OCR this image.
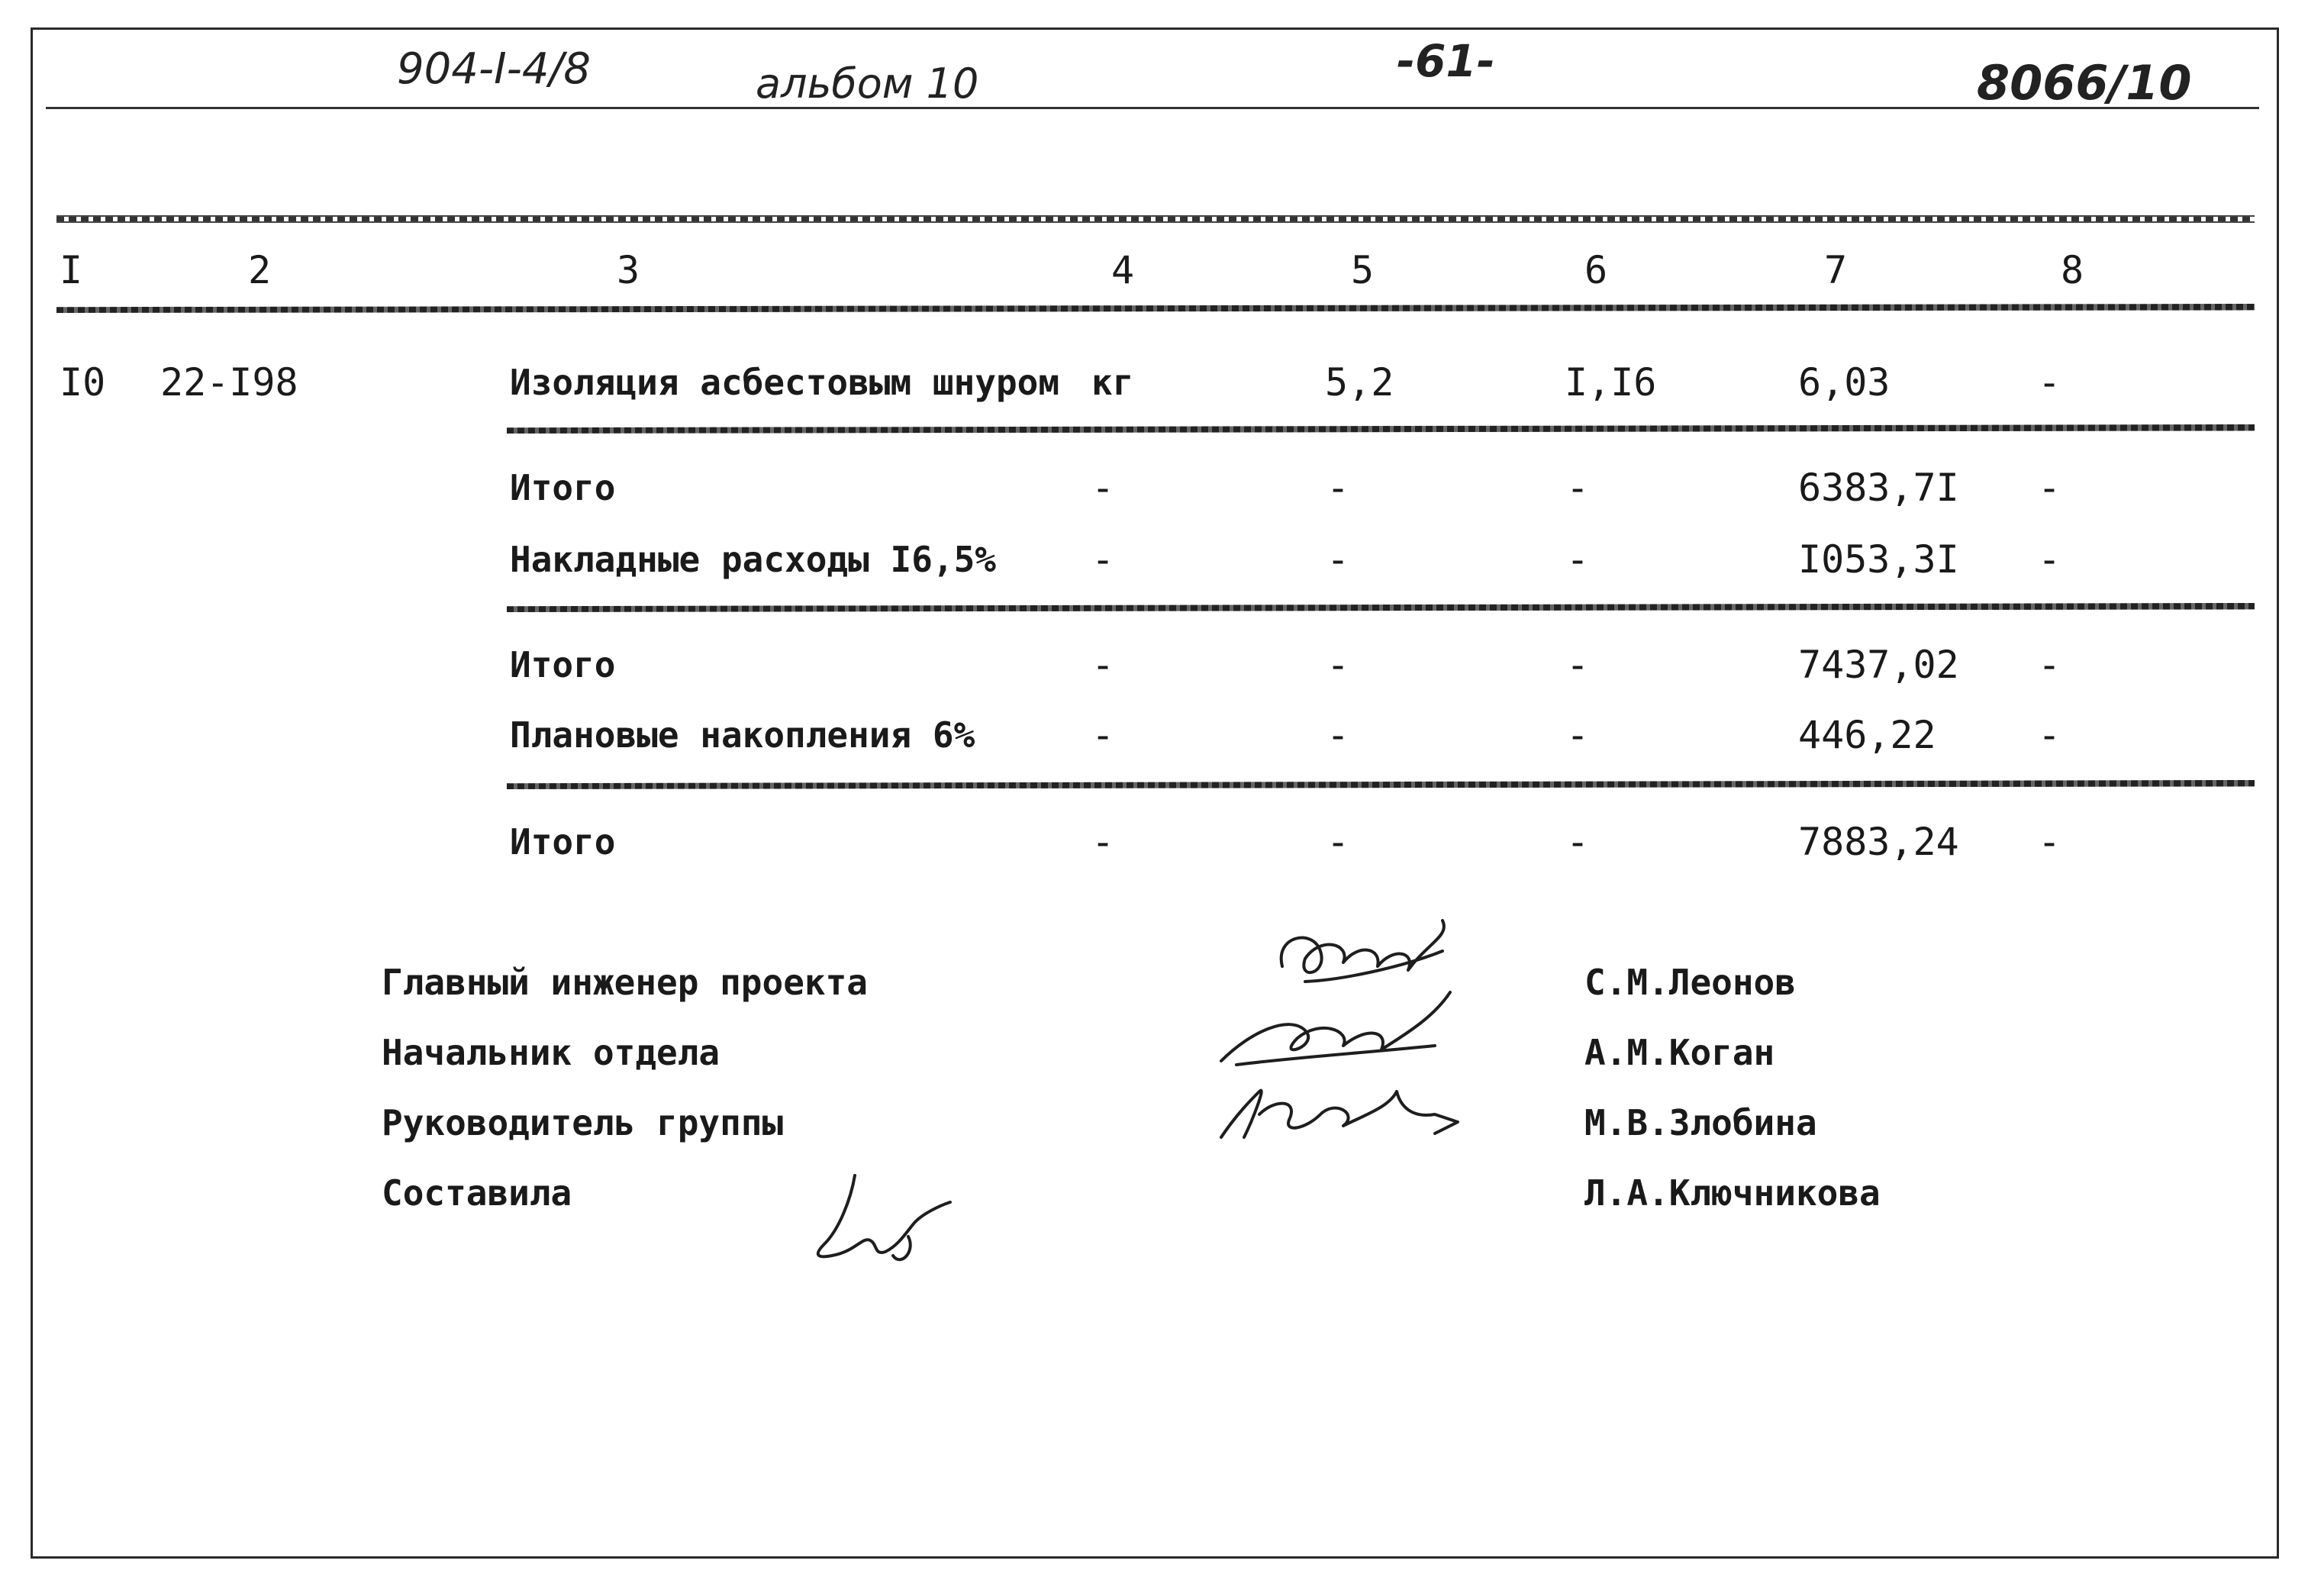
904-I-4/8	альбом 10	-61-	8066/10
I	2	3	4	5	6	7	8
I0 22-I98	Изоляция асбестовым шнуром кг	5,2	I,I6	6,03	-
Итого	-	-	-	6383,7I -
Накладные расходы I6,5%	-	-	-	I053,3I -
Итого	-	-	-	7437,02 -
Плановые накопления 6%	-	-	-	446,22	-
Итого	-	-	-	7883,24 -
Главный инженер проекта
Начальник отдела
Руководитель группы
Составила
С.М.Леонов
А.М.Коган
М.В.Злобина
Л.А.Ключникова
